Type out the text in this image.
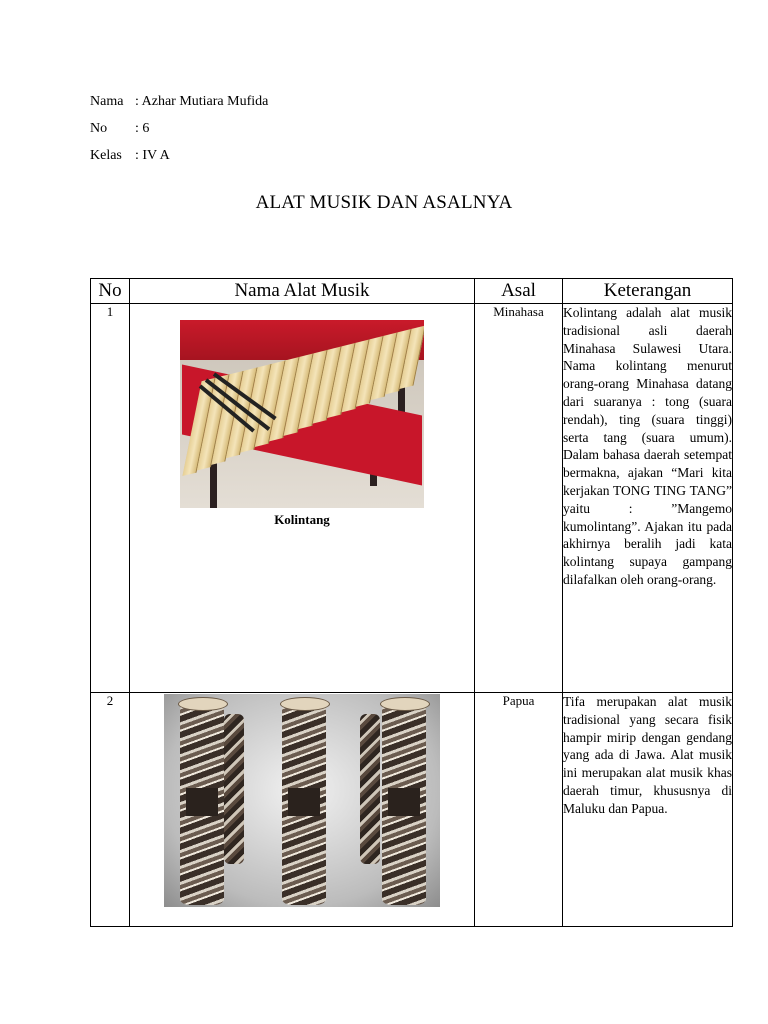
Nama : Azhar Mutiara Mufida
No	: 6
Kelas : IV A
ALAT MUSIK DAN ASALNYA
No	Nama Alat Musik	Asal	Keterangan
1	Kolintang	Minahasa	Kolintang adalah alat musik tradisional asli daerah Minahasa Sulawesi Utara. Nama kolintang menurut orang-orang Minahasa datang dari suaranya : tong (suara rendah), ting (suara tinggi) serta tang (suara umum). Dalam bahasa daerah setempat bermakna, ajakan “Mari kita kerjakan TONG TING TANG” yaitu : ”Mangemo kumolintang”. Ajakan itu pada akhirnya beralih jadi kata kolintang supaya gampang dilafalkan oleh orang-orang.
2		Papua	Tifa merupakan alat musik tradisional yang secara fisik hampir mirip dengan gendang yang ada di Jawa. Alat musik ini merupakan alat musik khas daerah timur, khususnya di Maluku dan Papua.
